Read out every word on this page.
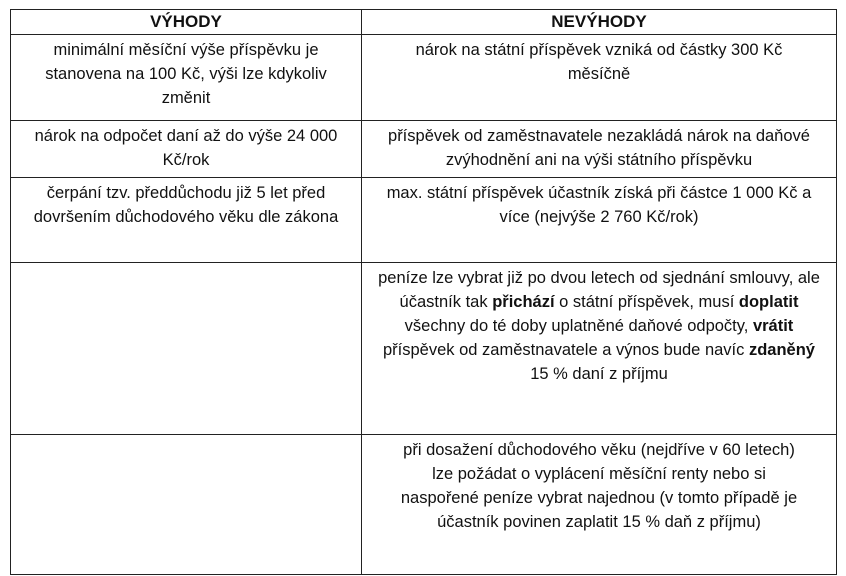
VÝHODY	NEVÝHODY
minimální měsíční výše příspěvku je stanovena na 100 Kč, výši lze kdykoliv změnit	nárok na státní příspěvek vzniká od částky 300 Kč měsíčně
nárok na odpočet daní až do výše 24 000 Kč/rok	příspěvek od zaměstnavatele nezakládá nárok na daňové zvýhodnění ani na výši státního příspěvku
čerpání tzv. předdůchodu již 5 let před dovršením důchodového věku dle zákona	max. státní příspěvek účastník získá při částce 1 000 Kč a více (nejvýše 2 760 Kč/rok)
	peníze lze vybrat již po dvou letech od sjednání smlouvy, ale účastník tak přichází o státní příspěvek, musí doplatit všechny do té doby uplatněné daňové odpočty, vrátit příspěvek od zaměstnavatele a výnos bude navíc zdaněný 15 % daní z příjmu
	při dosažení důchodového věku (nejdříve v 60 letech) lze požádat o vyplácení měsíční renty nebo si naspořené peníze vybrat najednou (v tomto případě je účastník povinen zaplatit 15 % daň z příjmu)
